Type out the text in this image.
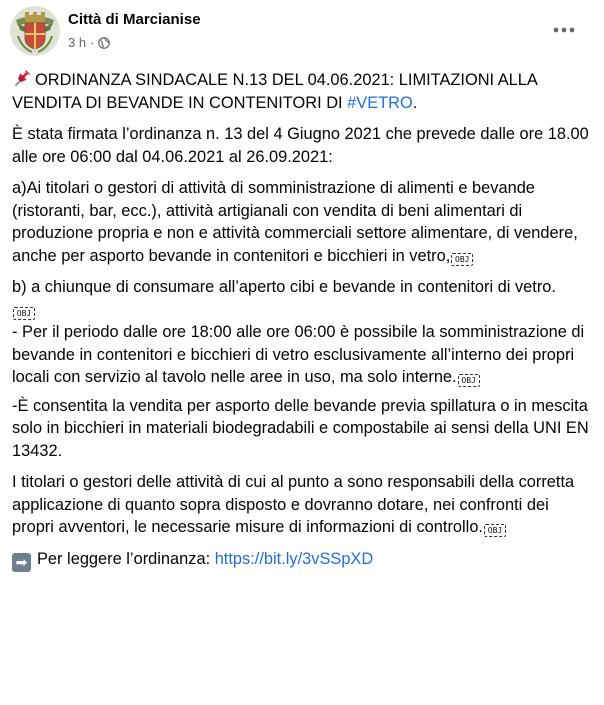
Città di Marcianise
3 h ·

ORDINANZA SINDACALE N.13 DEL 04.06.2021: LIMITAZIONI ALLA VENDITA DI BEVANDE IN CONTENITORI DI #VETRO.

È stata firmata l’ordinanza n. 13 del 4 Giugno 2021 che prevede dalle ore 18.00 alle ore 06:00 dal 04.06.2021 al 26.09.2021:

a)Ai titolari o gestori di attività di somministrazione di alimenti e bevande (ristoranti, bar, ecc.), attività artigianali con vendita di beni alimentari di produzione propria e non e attività commerciali settore alimentare, di vendere, anche per asporto bevande in contenitori e bicchieri in vetro, OBJ

b) a chiunque di consumare all’aperto cibi e bevande in contenitori di vetro.
OBJ
- Per il periodo dalle ore 18:00 alle ore 06:00 è possibile la somministrazione di bevande in contenitori e bicchieri di vetro esclusivamente all’interno dei propri locali con servizio al tavolo nelle aree in uso, ma solo interne. OBJ

-È consentita la vendita per asporto delle bevande previa spillatura o in mescita solo in bicchieri in materiali biodegradabili e compostabile ai sensi della UNI EN 13432.

I titolari o gestori delle attività di cui al punto a sono responsabili della corretta applicazione di quanto sopra disposto e dovranno dotare, nei confronti dei propri avventori, le necessarie misure di informazioni di controllo. OBJ

➡ Per leggere l’ordinanza: https://bit.ly/3vSSpXD
